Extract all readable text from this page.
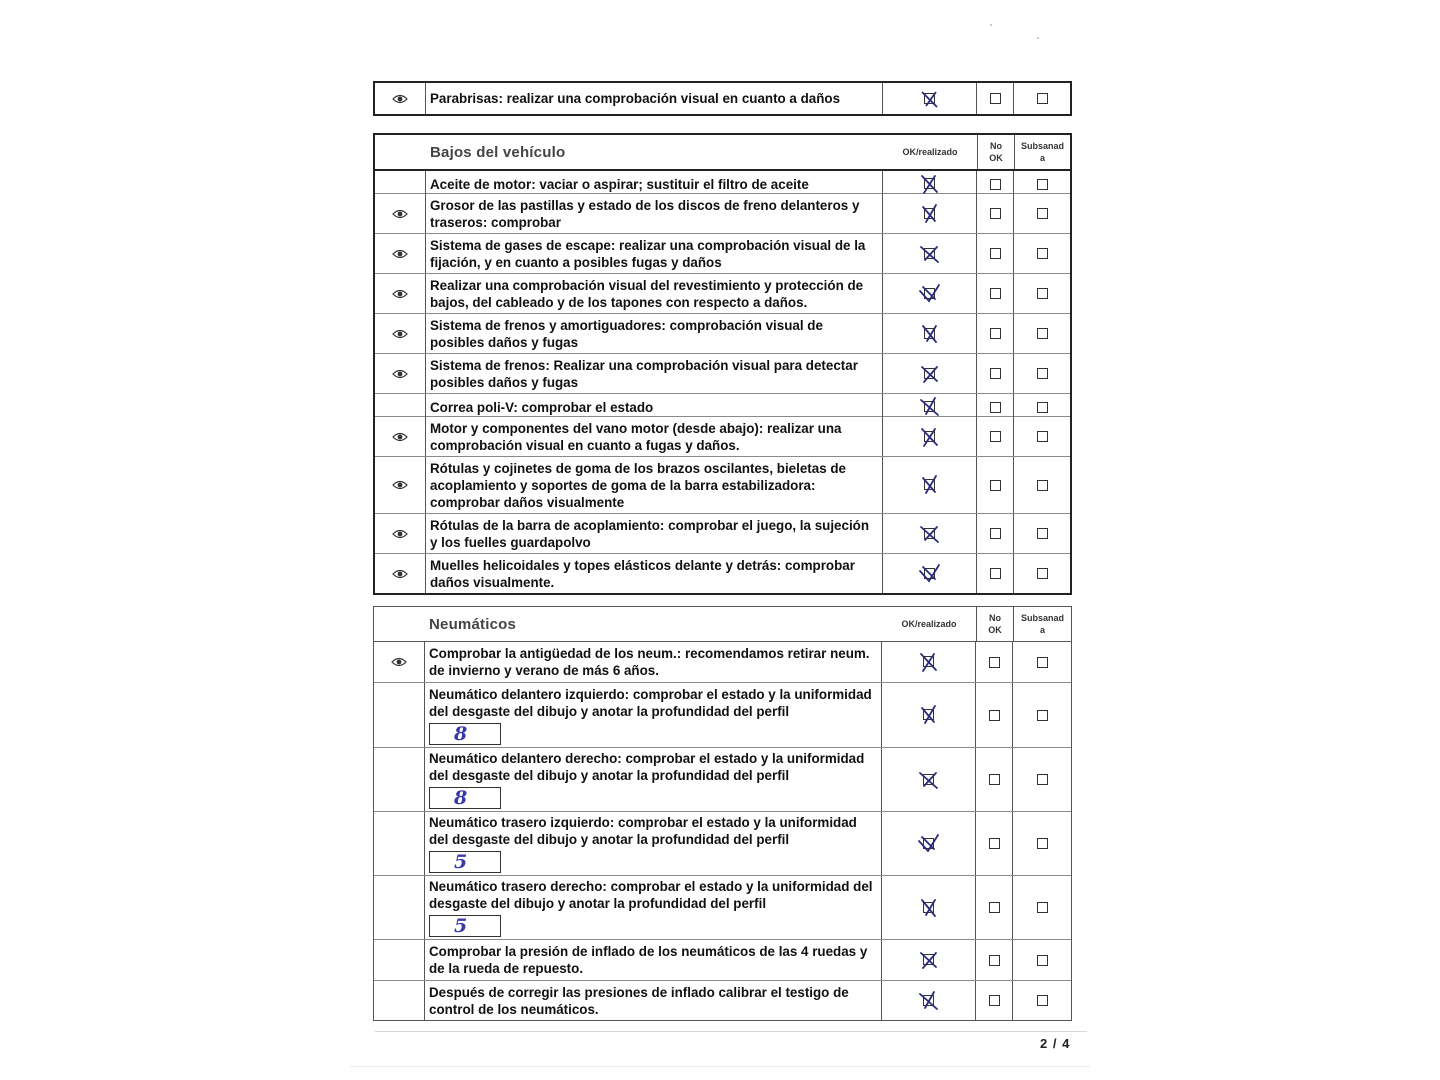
Parabrisas: realizar una comprobación visual en cuanto a daños
Bajos del vehículo	OK/realizado
No
OK
Subsanad
a
Aceite de motor: vaciar o aspirar; sustituir el filtro de aceite
Grosor de las pastillas y estado de los discos de freno delanteros y traseros: comprobar
Sistema de gases de escape: realizar una comprobación visual de la fijación, y en cuanto a posibles fugas y daños
Realizar una comprobación visual del revestimiento y protección de bajos, del cableado y de los tapones con respecto a daños.
Sistema de frenos y amortiguadores: comprobación visual de posibles daños y fugas
Sistema de frenos: Realizar una comprobación visual para detectar posibles daños y fugas
Correa poli-V: comprobar el estado
Motor y componentes del vano motor (desde abajo): realizar una comprobación visual en cuanto a fugas y daños.
Rótulas y cojinetes de goma de los brazos oscilantes, bieletas de acoplamiento y soportes de goma de la barra estabilizadora: comprobar daños visualmente
Rótulas de la barra de acoplamiento: comprobar el juego, la sujeción y los fuelles guardapolvo
Muelles helicoidales y topes elásticos delante y detrás: comprobar daños visualmente.
Neumáticos	OK/realizado
No
OK
Subsanad
a
Comprobar la antigüedad de los neum.: recomendamos retirar neum. de invierno y verano de más 6 años.
Neumático delantero izquierdo: comprobar el estado y la uniformidad del desgaste del dibujo y anotar la profundidad del perfil
8
Neumático delantero derecho: comprobar el estado y la uniformidad del desgaste del dibujo y anotar la profundidad del perfil
8
Neumático trasero izquierdo: comprobar el estado y la uniformidad del desgaste del dibujo y anotar la profundidad del perfil
5
Neumático trasero derecho: comprobar el estado y la uniformidad del desgaste del dibujo y anotar la profundidad del perfil
5
Comprobar la presión de inflado de los neumáticos de las 4 ruedas y de la rueda de repuesto.
Después de corregir las presiones de inflado calibrar el testigo de control de los neumáticos.
2 / 4
